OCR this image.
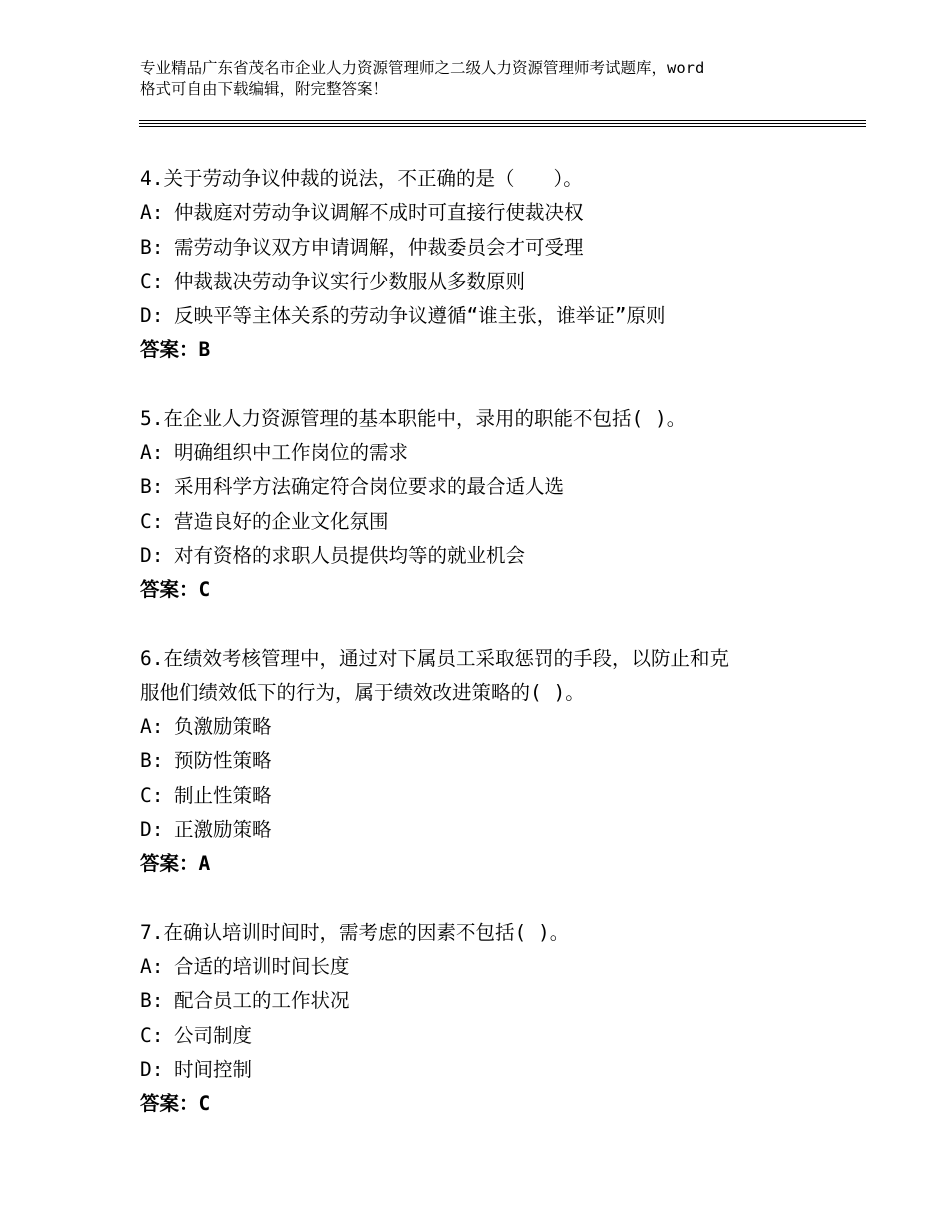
专业精品广东省茂名市企业人力资源管理师之二级人力资源管理师考试题库，word
格式可自由下载编辑，附完整答案！
4.关于劳动争议仲裁的说法，不正确的是（　　）。
A: 仲裁庭对劳动争议调解不成时可直接行使裁决权
B: 需劳动争议双方申请调解，仲裁委员会才可受理
C: 仲裁裁决劳动争议实行少数服从多数原则
D: 反映平等主体关系的劳动争议遵循“谁主张，谁举证”原则
答案：B
5.在企业人力资源管理的基本职能中，录用的职能不包括( )。
A: 明确组织中工作岗位的需求
B: 采用科学方法确定符合岗位要求的最合适人选
C: 营造良好的企业文化氛围
D: 对有资格的求职人员提供均等的就业机会
答案：C
6.在绩效考核管理中，通过对下属员工采取惩罚的手段，以防止和克
服他们绩效低下的行为，属于绩效改进策略的( )。
A: 负激励策略
B: 预防性策略
C: 制止性策略
D: 正激励策略
答案：A
7.在确认培训时间时，需考虑的因素不包括( )。
A: 合适的培训时间长度
B: 配合员工的工作状况
C: 公司制度
D: 时间控制
答案：C
